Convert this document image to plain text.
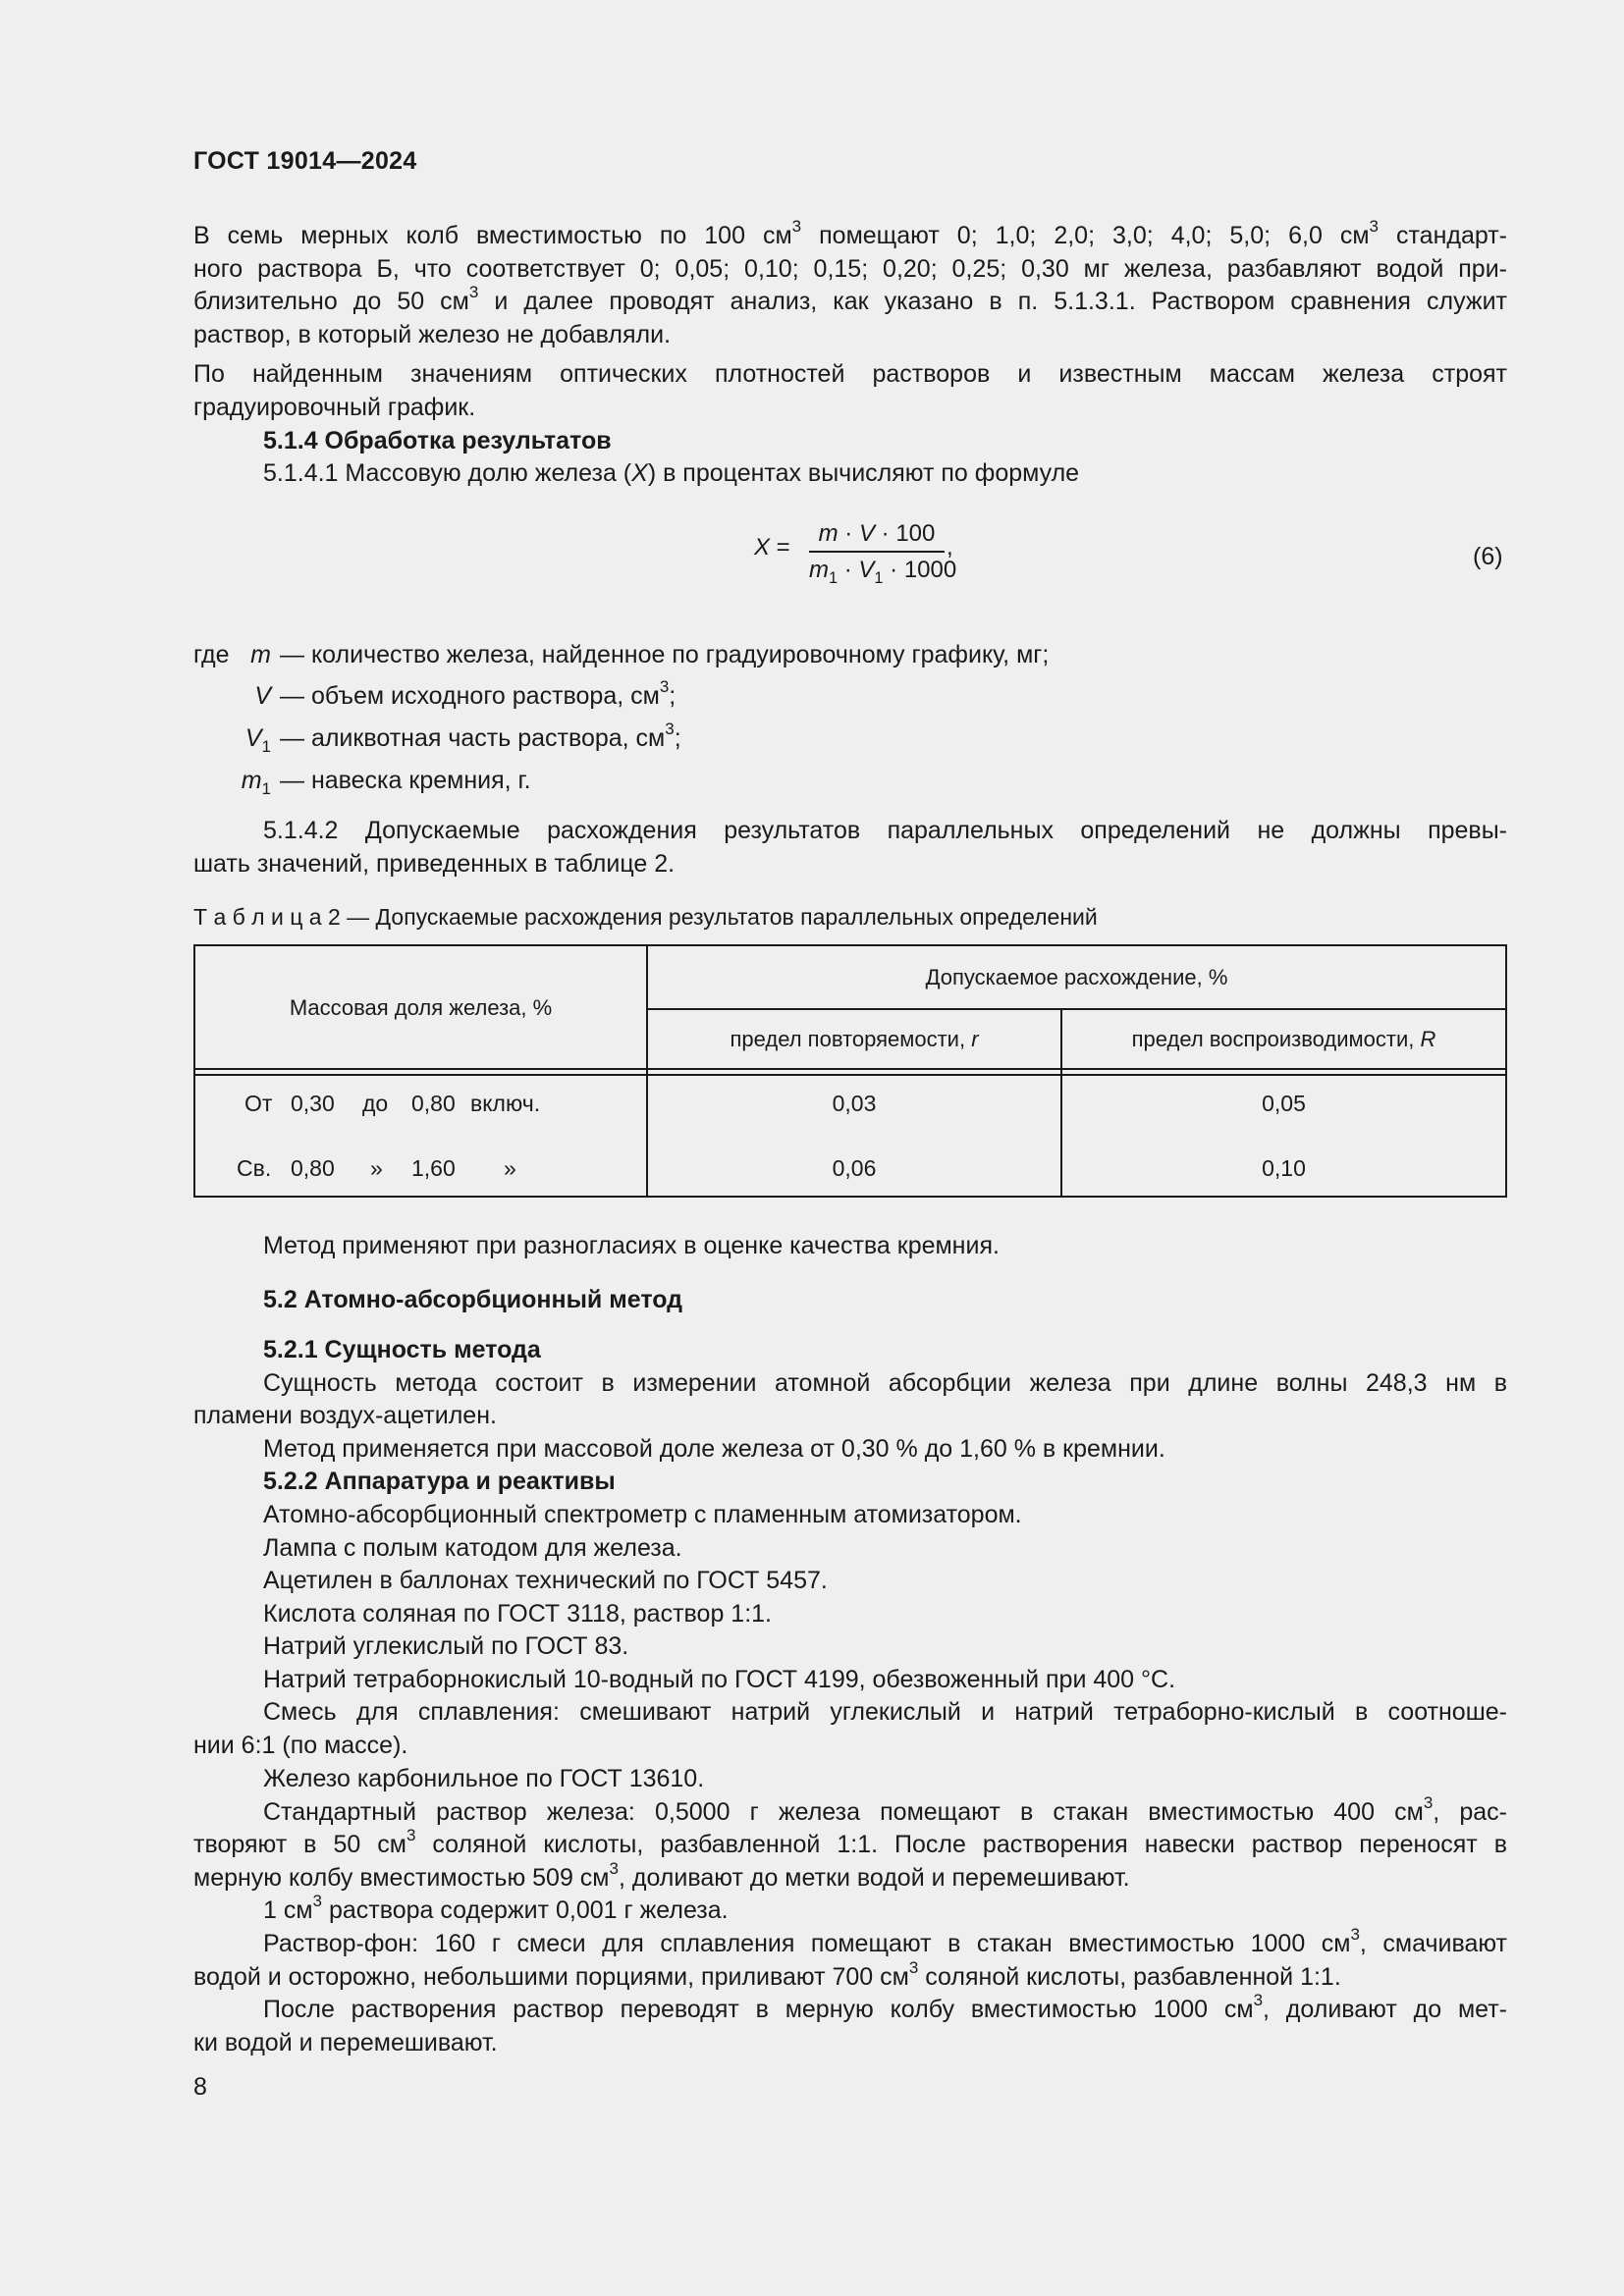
ГОСТ 19014—2024
В семь мерных колб вместимостью по 100 $см^3$ помещают 0; 1,0; 2,0; 3,0; 4,0; 5,0; 6,0 $см^3$ стандарт-
ного раствора Б, что соответствует 0; 0,05; 0,10; 0,15; 0,20; 0,25; 0,30 мг железа, разбавляют водой при-
близительно до 50 $см^3$ и далее проводят анализ, как указано в п. 5.1.3.1. Раствором сравнения служит
раствор, в который железо не добавляли.
По найденным значениям оптических плотностей растворов и известным массам железа строят
градуировочный график.
5.1.4 Обработка результатов
5.1.4.1 Массовую долю железа (X) в процентах вычисляют по формуле
$X = \frac{m \cdot V \cdot 100}{m_1 \cdot V_1 \cdot 1000}$ ,	(6)
где m — количество железа, найденное по градуировочному графику, мг;
V — объем исходного раствора, $см^3$;
$V_1$ — аликвотная часть раствора, $см^3$;
$m_1$ — навеска кремния, г.
5.1.4.2 Допускаемые расхождения результатов параллельных определений не должны превы-
шать значений, приведенных в таблице 2.
Т а б л и ц а 2 — Допускаемые расхождения результатов параллельных определений
Массовая доля железа, %
Допускаемое расхождение, %
предел повторяемости, r	предел воспроизводимости, R
От 0,30 до 0,80 включ.	0,03	0,05
Св. 0,80 » 1,60 »	0,06	0,10
Метод применяют при разногласиях в оценке качества кремния.
5.2 Атомно-абсорбционный метод
5.2.1 Сущность метода
Сущность метода состоит в измерении атомной абсорбции железа при длине волны 248,3 нм в
пламени воздух-ацетилен.
Метод применяется при массовой доле железа от 0,30 % до 1,60 % в кремнии.
5.2.2 Аппаратура и реактивы
Атомно-абсорбционный спектрометр с пламенным атомизатором.
Лампа с полым катодом для железа.
Ацетилен в баллонах технический по ГОСТ 5457.
Кислота соляная по ГОСТ 3118, раствор 1:1.
Натрий углекислый по ГОСТ 83.
Натрий тетраборнокислый 10-водный по ГОСТ 4199, обезвоженный при 400 °С.
Смесь для сплавления: смешивают натрий углекислый и натрий тетраборно-кислый в соотноше-
нии 6:1 (по массе).
Железо карбонильное по ГОСТ 13610.
Стандартный раствор железа: 0,5000 г железа помещают в стакан вместимостью 400 $см^3$, рас-
творяют в 50 $см^3$ соляной кислоты, разбавленной 1:1. После растворения навески раствор переносят в
мерную колбу вместимостью 509 $см^3$, доливают до метки водой и перемешивают.
1 $см^3$ раствора содержит 0,001 г железа.
Раствор-фон: 160 г смеси для сплавления помещают в стакан вместимостью 1000 $см^3$, смачивают
водой и осторожно, небольшими порциями, приливают 700 $см^3$ соляной кислоты, разбавленной 1:1.
После растворения раствор переводят в мерную колбу вместимостью 1000 $см^3$, доливают до мет-
ки водой и перемешивают.
8
